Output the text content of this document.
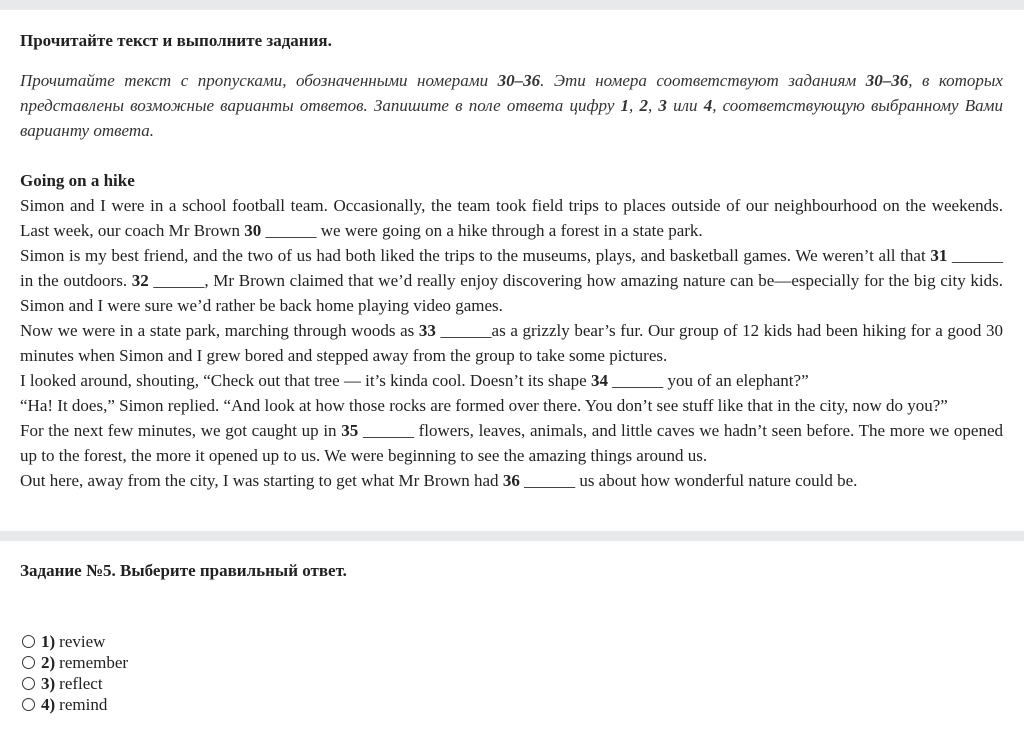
Прочитайте текст и выполните задания.
Прочитайте текст с пропусками, обозначенными номерами 30–36. Эти номера соответствуют заданиям 30–36, в которых представлены возможные варианты ответов. Запишите в поле ответа цифру 1, 2, 3 или 4, соответствующую выбранному Вами варианту ответа.
Going on a hike
Simon and I were in a school football team. Occasionally, the team took field trips to places outside of our neighbourhood on the weekends. Last week, our coach Mr Brown 30 ______ we were going on a hike through a forest in a state park.
Simon is my best friend, and the two of us had both liked the trips to the museums, plays, and basketball games. We weren’t all that 31 ______ in the outdoors. 32 ______, Mr Brown claimed that we’d really enjoy discovering how amazing nature can be—especially for the big city kids. Simon and I were sure we’d rather be back home playing video games.
Now we were in a state park, marching through woods as 33 ______as a grizzly bear’s fur. Our group of 12 kids had been hiking for a good 30 minutes when Simon and I grew bored and stepped away from the group to take some pictures.
I looked around, shouting, “Check out that tree — it’s kinda cool. Doesn’t its shape 34 ______ you of an elephant?”
“Ha! It does,” Simon replied. “And look at how those rocks are formed over there. You don’t see stuff like that in the city, now do you?”
For the next few minutes, we got caught up in 35 ______ flowers, leaves, animals, and little caves we hadn’t seen before. The more we opened up to the forest, the more it opened up to us. We were beginning to see the amazing things around us.
Out here, away from the city, I was starting to get what Mr Brown had 36 ______ us about how wonderful nature could be.
Задание №5. Выберите правильный ответ.
1) review
2) remember
3) reflect
4) remind
